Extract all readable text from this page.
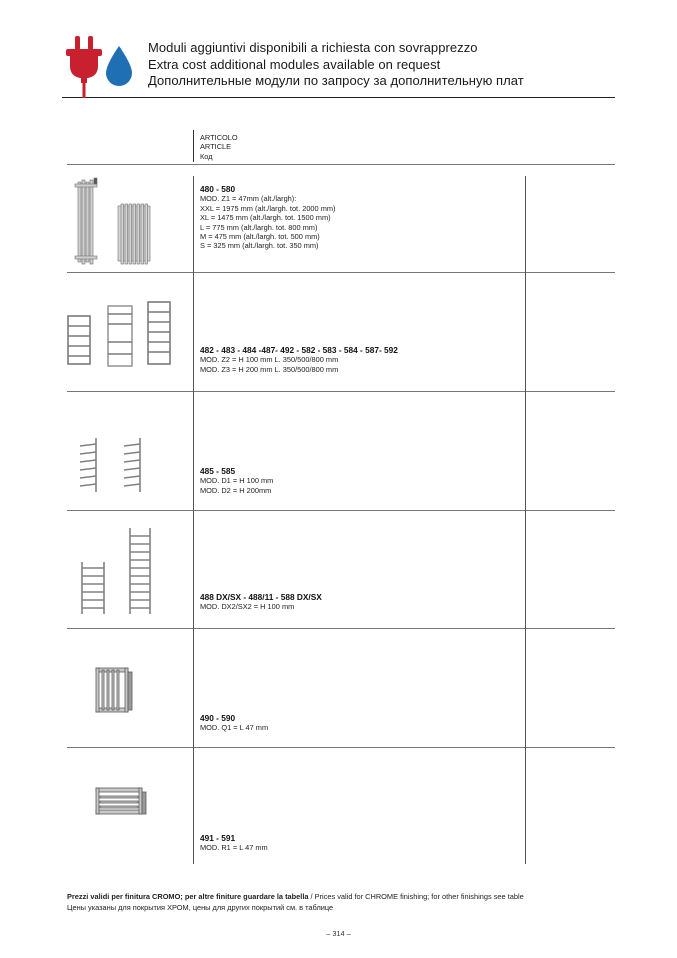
Moduli aggiuntivi disponibili a richiesta con sovrapprezzo
Extra cost additional modules available on request
Дополнительные модули по запросу за дополнительную плат
ARTICOLO
ARTICLE
Код
480 - 580
MOD. Z1 = 47mm (alt./largh):
XXL = 1975 mm (alt./largh. tot. 2000 mm)
XL = 1475 mm (alt./largh. tot. 1500 mm)
L = 775 mm (alt./largh. tot. 800 mm)
M = 475 mm (alt./largh. tot. 500 mm)
S = 325 mm (alt./largh. tot. 350 mm)
482 - 483 - 484 -487- 492 - 582 - 583 - 584 - 587- 592
MOD. Z2 = H 100 mm L. 350/500/800 mm
MOD. Z3 = H 200 mm L. 350/500/800 mm
485 - 585
MOD. D1 = H 100 mm
MOD. D2 = H 200mm
488 DX/SX - 488/11 - 588 DX/SX
MOD. DX2/SX2 = H 100 mm
490 - 590
MOD. Q1 = L 47 mm
491 - 591
MOD. R1 = L 47 mm
Prezzi validi per finitura CROMO; per altre finiture guardare la tabella / Prices valid for CHROME finishing; for other finishings see table
Цены указаны для покрытия ХРОМ, цены для других покрытий см. в таблице
– 314 –
